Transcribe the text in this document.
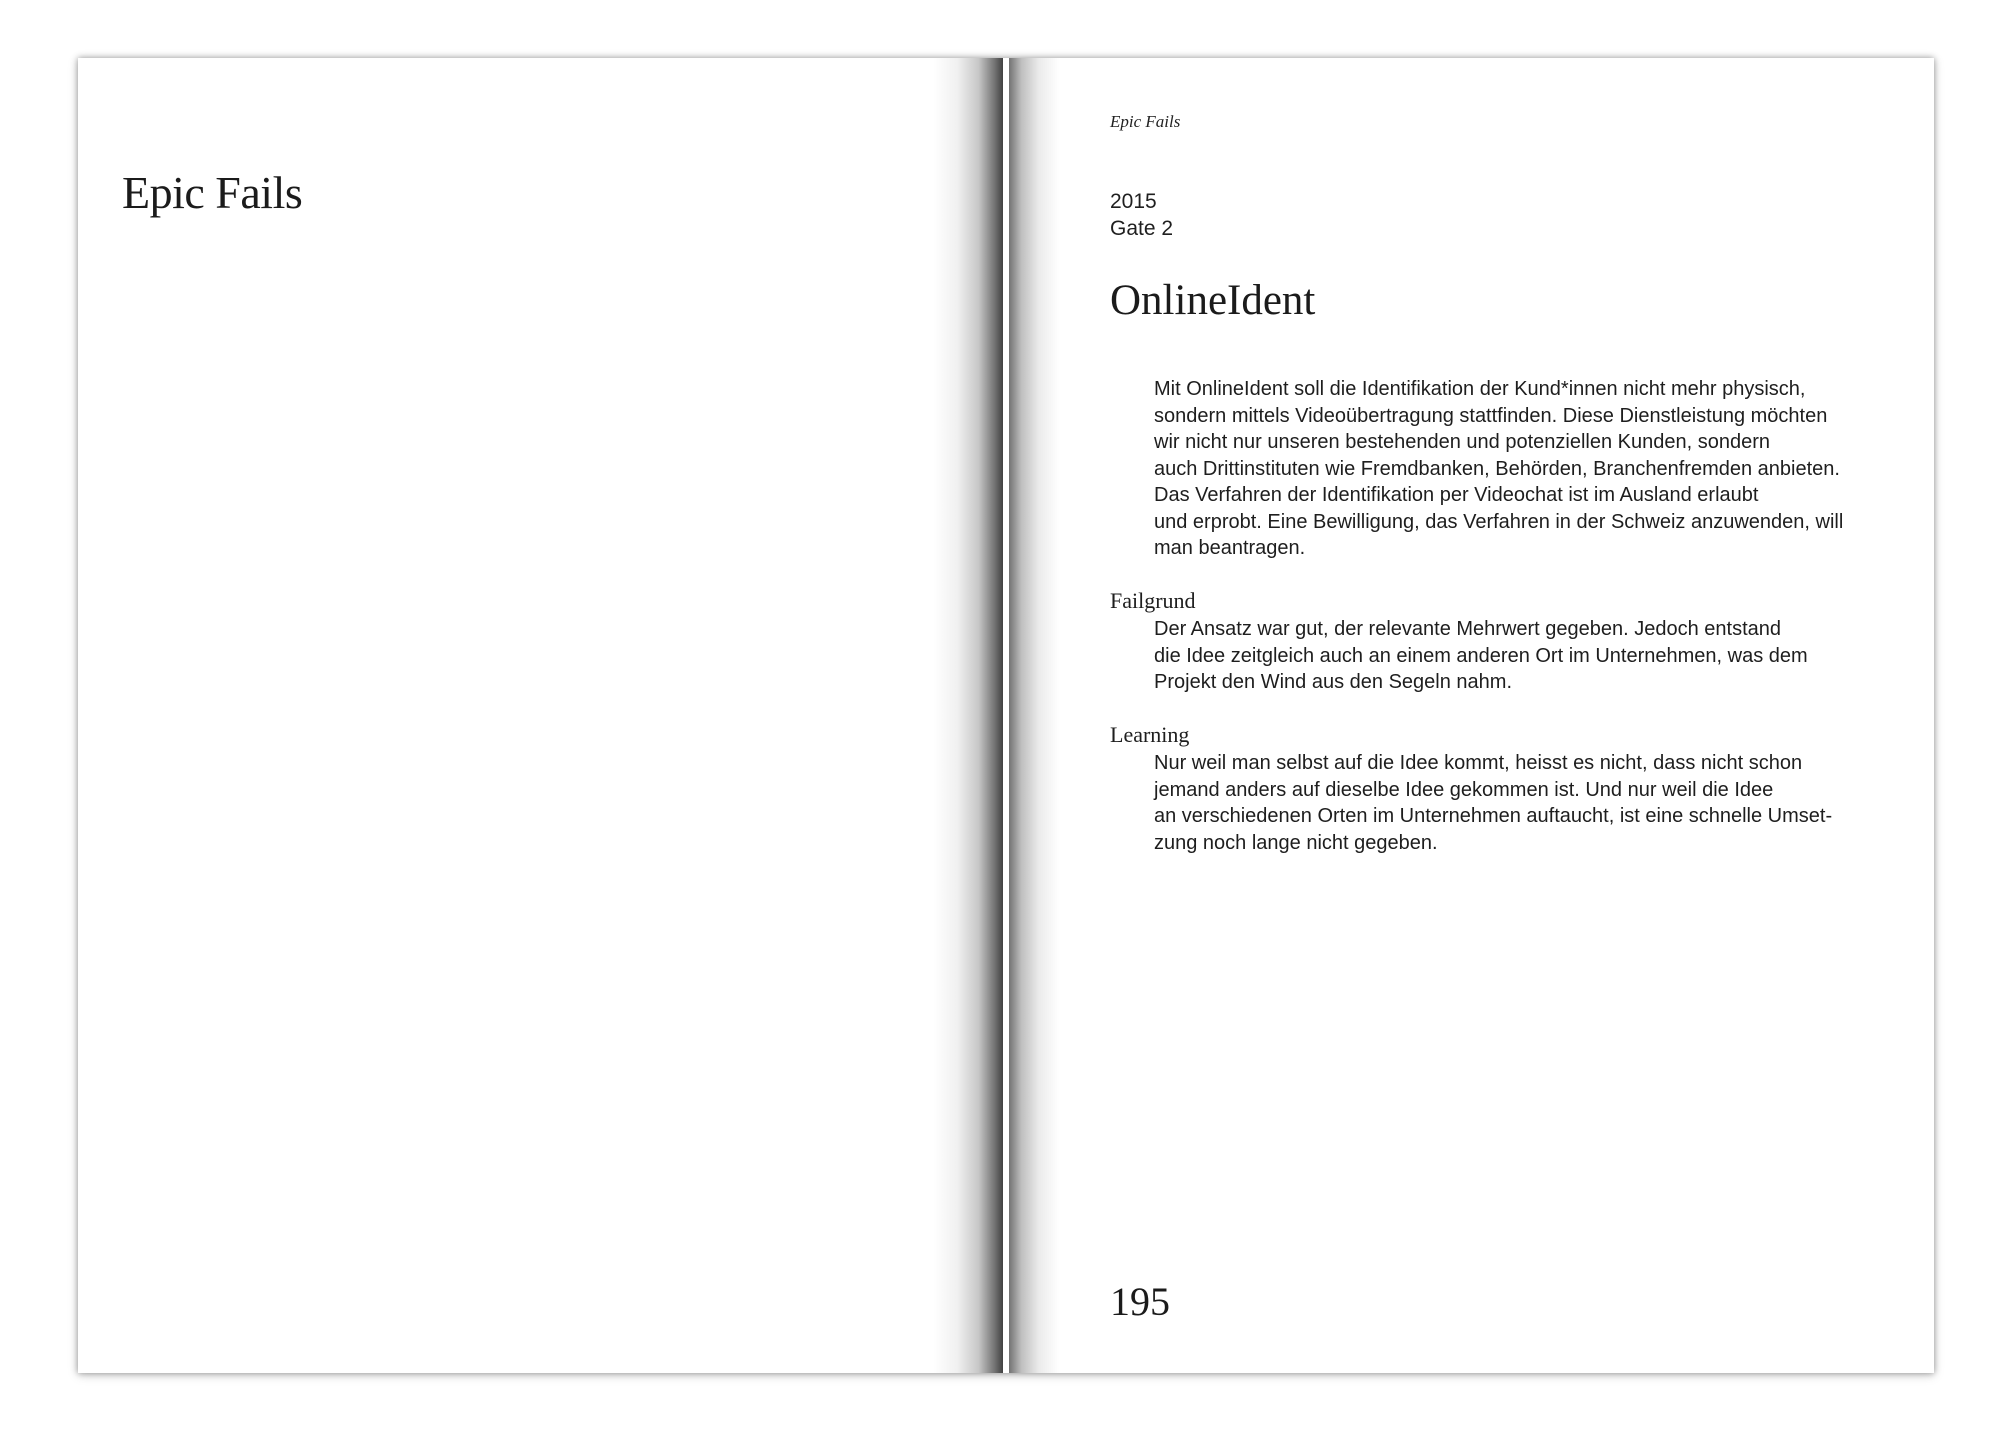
Epic Fails
Epic Fails
2015
Gate 2
OnlineIdent
Mit OnlineIdent soll die Identifikation der Kund*innen nicht mehr physisch,
sondern mittels Videoübertragung stattfinden. Diese Dienstleistung möchten
wir nicht nur unseren bestehenden und potenziellen Kunden, sondern
auch Drittinstituten wie Fremdbanken, Behörden, Branchenfremden anbieten.
Das Verfahren der Identifikation per Videochat ist im Ausland erlaubt
und erprobt. Eine Bewilligung, das Verfahren in der Schweiz anzuwenden, will
man beantragen.
Failgrund
Der Ansatz war gut, der relevante Mehrwert gegeben. Jedoch entstand
die Idee zeitgleich auch an einem anderen Ort im Unternehmen, was dem
Projekt den Wind aus den Segeln nahm.
Learning
Nur weil man selbst auf die Idee kommt, heisst es nicht, dass nicht schon
jemand anders auf dieselbe Idee gekommen ist. Und nur weil die Idee
an verschiedenen Orten im Unternehmen auftaucht, ist eine schnelle Umset-
zung noch lange nicht gegeben.
195
